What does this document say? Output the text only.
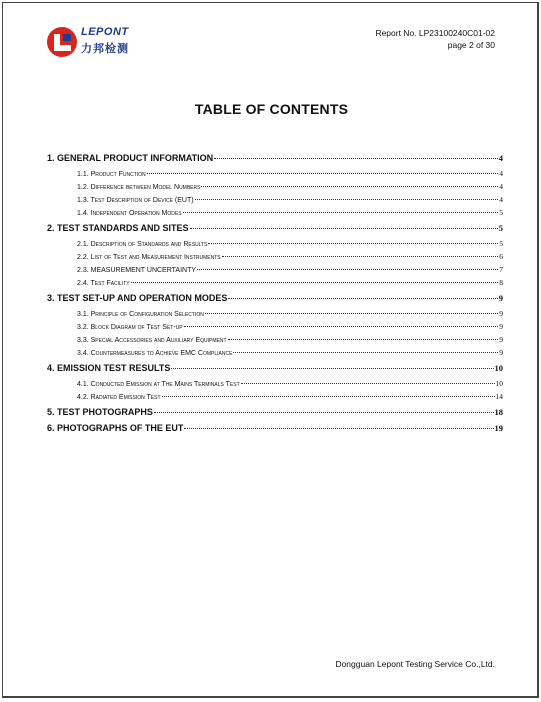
LEPONT
力邦检测
Report No. LP23100240C01-02
page 2 of 30
TABLE OF CONTENTS
1. GENERAL PRODUCT INFORMATION	4
1.1. Product Function	4
1.2. Difference between Model Numbers	4
1.3. Test Description of Device (EUT)	4
1.4. Independent Operation Modes	5
2. TEST STANDARDS AND SITES	5
2.1. Description of Standards and Results	5
2.2. List of Test and Measurement Instruments	6
2.3. MEASUREMENT UNCERTAINTY	7
2.4. Test Facility	8
3. TEST SET-UP AND OPERATION MODES	9
3.1. Principle of Configuration Selection	9
3.2. Block Diagram of Test Set-up	9
3.3. Special Accessories and Auxiliary Equipment	9
3.4. Countermeasures to Achieve EMC Compliance	9
4. EMISSION TEST RESULTS	10
4.1. Conducted Emission at The Mains Terminals Test	10
4.2. Radiated Emission Test	14
5. TEST PHOTOGRAPHS	18
6. PHOTOGRAPHS OF THE EUT	19
Dongguan Lepont Testing Service Co.,Ltd.
